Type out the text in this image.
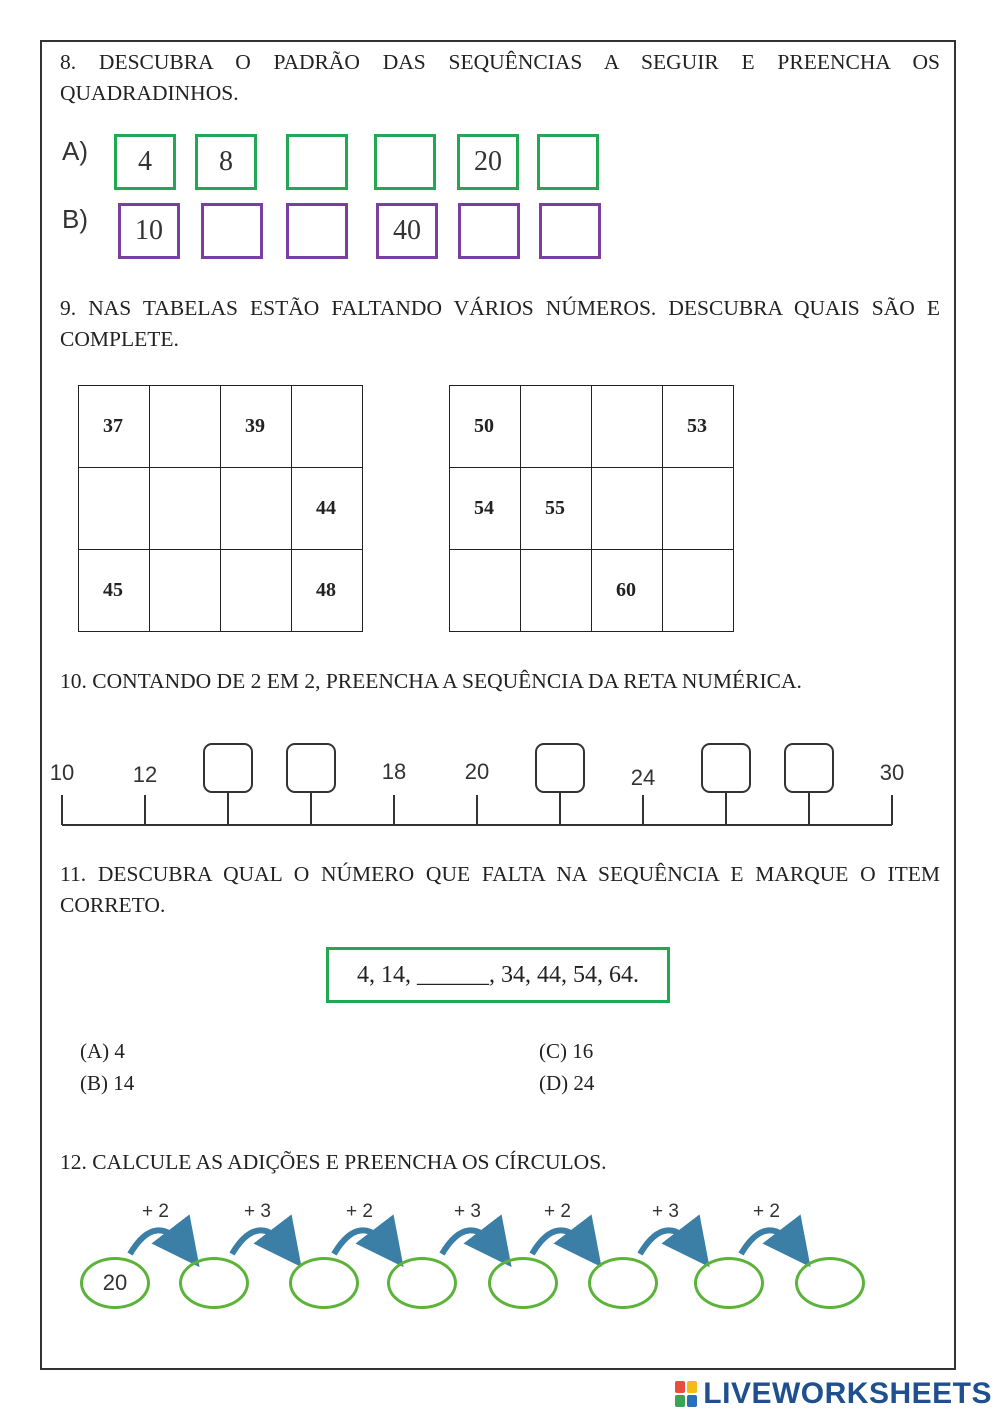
8. DESCUBRA O PADRÃO DAS SEQUÊNCIAS A SEGUIR E PREENCHA OS QUADRADINHOS.
A)
B)
4	8	20
10	40
9. NAS TABELAS ESTÃO FALTANDO VÁRIOS NÚMEROS. DESCUBRA QUAIS SÃO E COMPLETE.
37		39	
			44
45			48
50			53
54	55		
		60	
10. CONTANDO DE 2 EM 2, PREENCHA A SEQUÊNCIA DA RETA NUMÉRICA.
10	12	18	20	24	30
11. DESCUBRA QUAL O NÚMERO QUE FALTA NA SEQUÊNCIA E MARQUE O ITEM CORRETO.
4, 14, ______, 34, 44, 54, 64.
(A) 4
(B) 14
(C) 16
(D) 24
12. CALCULE AS ADIÇÕES E PREENCHA OS CÍRCULOS.
+ 2	+ 3	+ 2	+ 3	+ 2	+ 3	+ 2
20
LIVEWORKSHEETS
